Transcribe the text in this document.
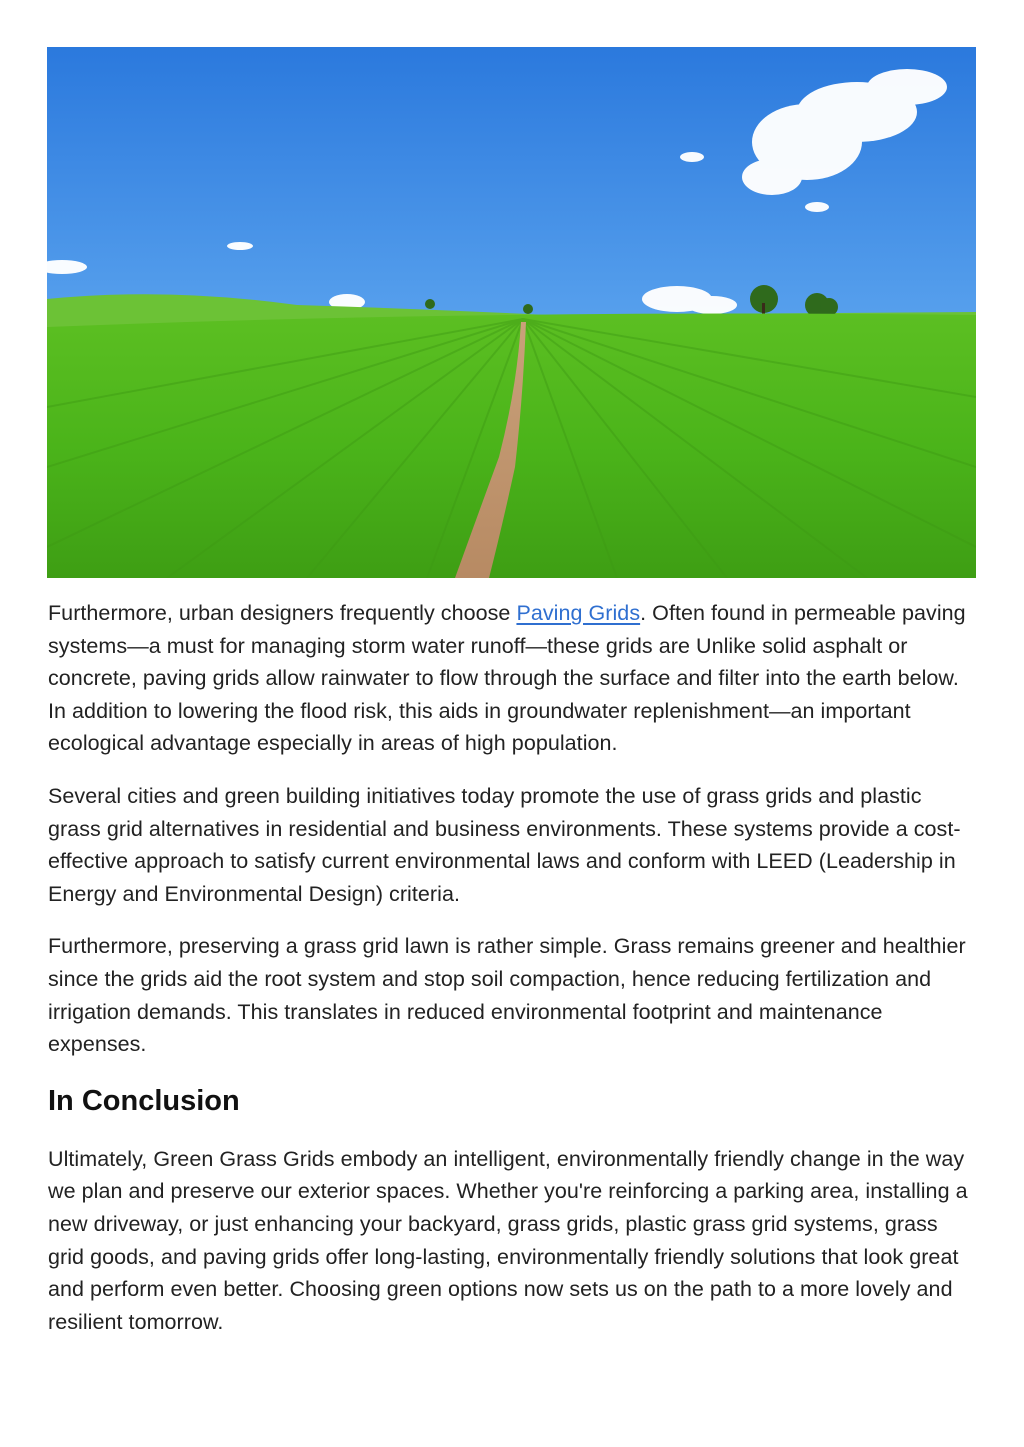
Furthermore, urban designers frequently choose Paving Grids. Often found in permeable paving systems—a must for managing storm water runoff—these grids are Unlike solid asphalt or concrete, paving grids allow rainwater to flow through the surface and filter into the earth below. In addition to lowering the flood risk, this aids in groundwater replenishment—an important ecological advantage especially in areas of high population.

Several cities and green building initiatives today promote the use of grass grids and plastic grass grid alternatives in residential and business environments. These systems provide a cost-effective approach to satisfy current environmental laws and conform with LEED (Leadership in Energy and Environmental Design) criteria.

Furthermore, preserving a grass grid lawn is rather simple. Grass remains greener and healthier since the grids aid the root system and stop soil compaction, hence reducing fertilization and irrigation demands. This translates in reduced environmental footprint and maintenance expenses.

In Conclusion

Ultimately, Green Grass Grids embody an intelligent, environmentally friendly change in the way we plan and preserve our exterior spaces. Whether you're reinforcing a parking area, installing a new driveway, or just enhancing your backyard, grass grids, plastic grass grid systems, grass grid goods, and paving grids offer long-lasting, environmentally friendly solutions that look great and perform even better. Choosing green options now sets us on the path to a more lovely and resilient tomorrow.
